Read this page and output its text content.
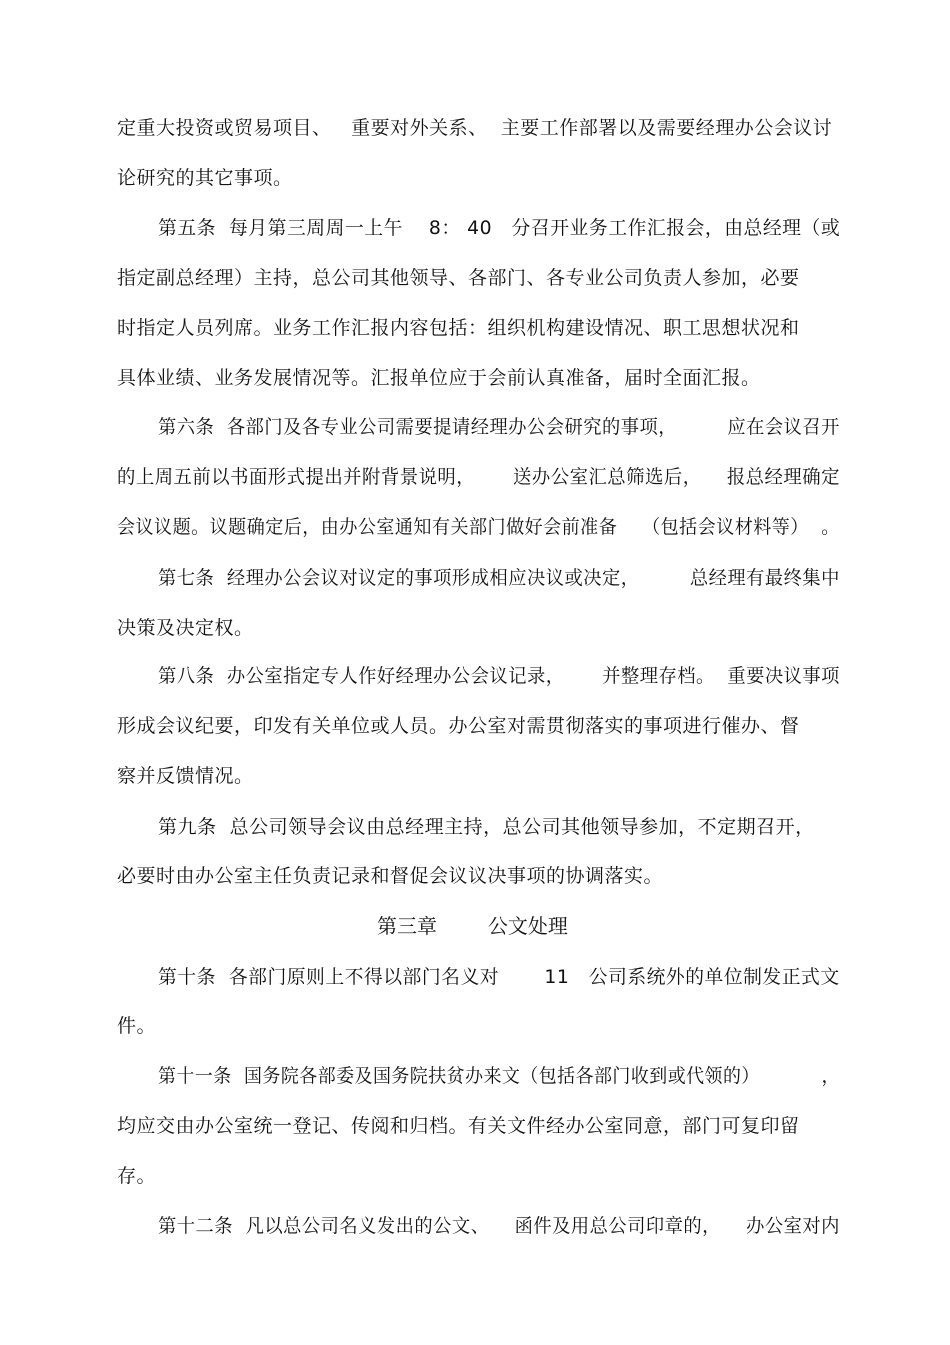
定重大投资或贸易项目、   重要对外关系、  主要工作部署以及需要经理办公会议讨
论研究的其它事项。
第五条  每月第三周周一上午    8： 40   分召开业务工作汇报会，由总经理（或
指定副总经理）主持，总公司其他领导、各部门、各专业公司负责人参加，必要
时指定人员列席。业务工作汇报内容包括：组织机构建设情况、职工思想状况和
具体业绩、业务发展情况等。汇报单位应于会前认真准备，届时全面汇报。
第六条  各部门及各专业公司需要提请经理办公会研究的事项，        应在会议召开
的上周五前以书面形式提出并附背景说明，      送办公室汇总筛选后，    报总经理确定
会议议题。议题确定后，由办公室通知有关部门做好会前准备    （包括会议材料等）  。
第七条  经理办公会议对议定的事项形成相应决议或决定，        总经理有最终集中
决策及决定权。
第八条  办公室指定专人作好经理办公会议记录，      并整理存档。  重要决议事项
形成会议纪要，印发有关单位或人员。办公室对需贯彻落实的事项进行催办、督
察并反馈情况。
第九条  总公司领导会议由总经理主持，总公司其他领导参加，不定期召开，
必要时由办公室主任负责记录和督促会议议决事项的协调落实。
第三章        公文处理
第十条  各部门原则上不得以部门名义对       11   公司系统外的单位制发正式文
件。
第十一条  国务院各部委及国务院扶贫办来文（包括各部门收到或代领的）          ，
均应交由办公室统一登记、传阅和归档。有关文件经办公室同意，部门可复印留
存。
第十二条  凡以总公司名义发出的公文、    函件及用总公司印章的，    办公室对内
